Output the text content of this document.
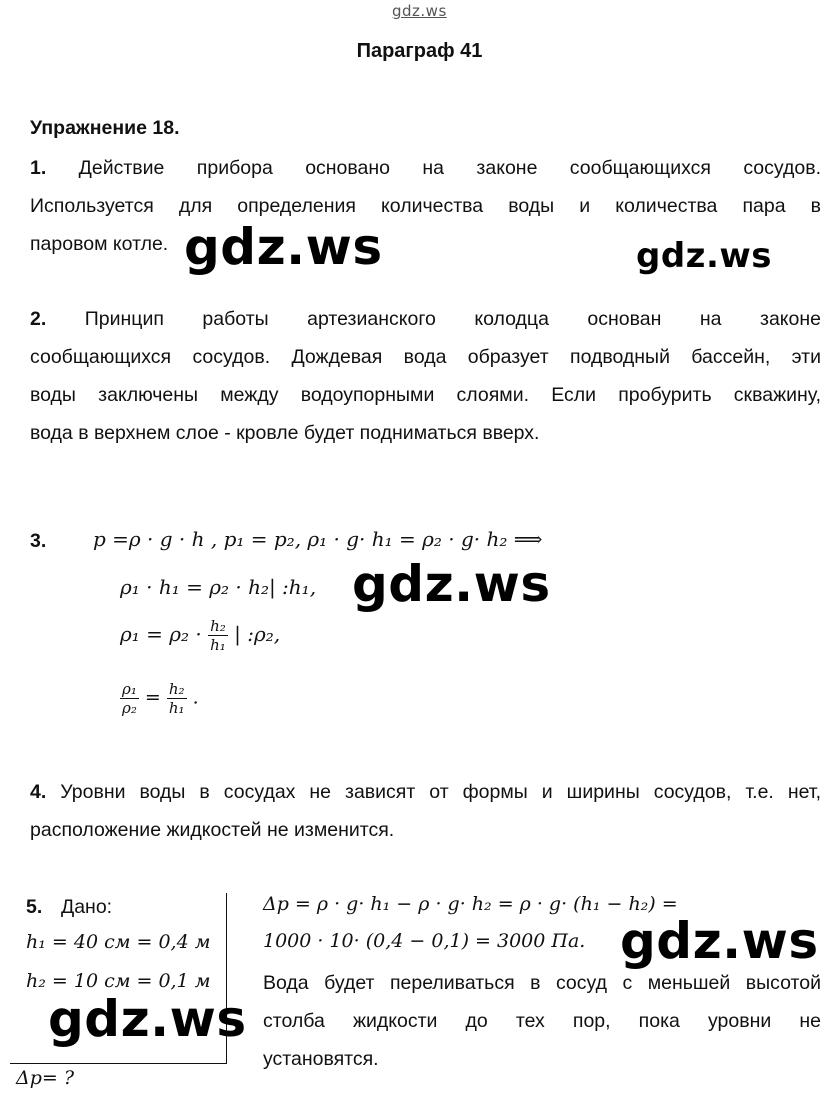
gdz.ws
Параграф 41
Упражнение 18.
1. Действие прибора основано на законе сообщающихся сосудов.
Используется для определения количества воды и количества пара в
паровом котле.
2. Принцип работы артезианского колодца основан на законе
сообщающихся сосудов. Дождевая вода образует подводный бассейн, эти
воды заключены между водоупорными слоями. Если пробурить скважину,
вода в верхнем слое - кровле будет подниматься вверх.
3. p =ρ · g · h , p₁ = p₂, ρ₁ · g· h₁ = ρ₂ · g· h₂ ⟹
ρ₁ · h₁ = ρ₂ · h₂| :h₁,
$\rho_1 = \rho_2 \cdot \frac{\text{h₂}}{\text{h₁}}$ | :ρ₂,
$\frac{\text{ρ₁}}{\text{ρ₂}} = \frac{\text{h₂}}{\text{h₁}}$ .
4. Уровни воды в сосудах не зависят от формы и ширины сосудов, т.е. нет,
расположение жидкостей не изменится.
5. Дано:
h₁ = 40 см = 0,4 м
h₂ = 10 см = 0,1 м
Δp= ?
Δp = ρ · g· h₁ − ρ · g· h₂ = ρ · g· (h₁ − h₂) =
1000 · 10· (0,4 − 0,1) = 3000 Па.
Вода будет переливаться в сосуд с меньшей высотой
столба жидкости до тех пор, пока уровни не
установятся.
gdz.ws	gdz.ws
gdz.ws
gdz.ws
gdz.ws
